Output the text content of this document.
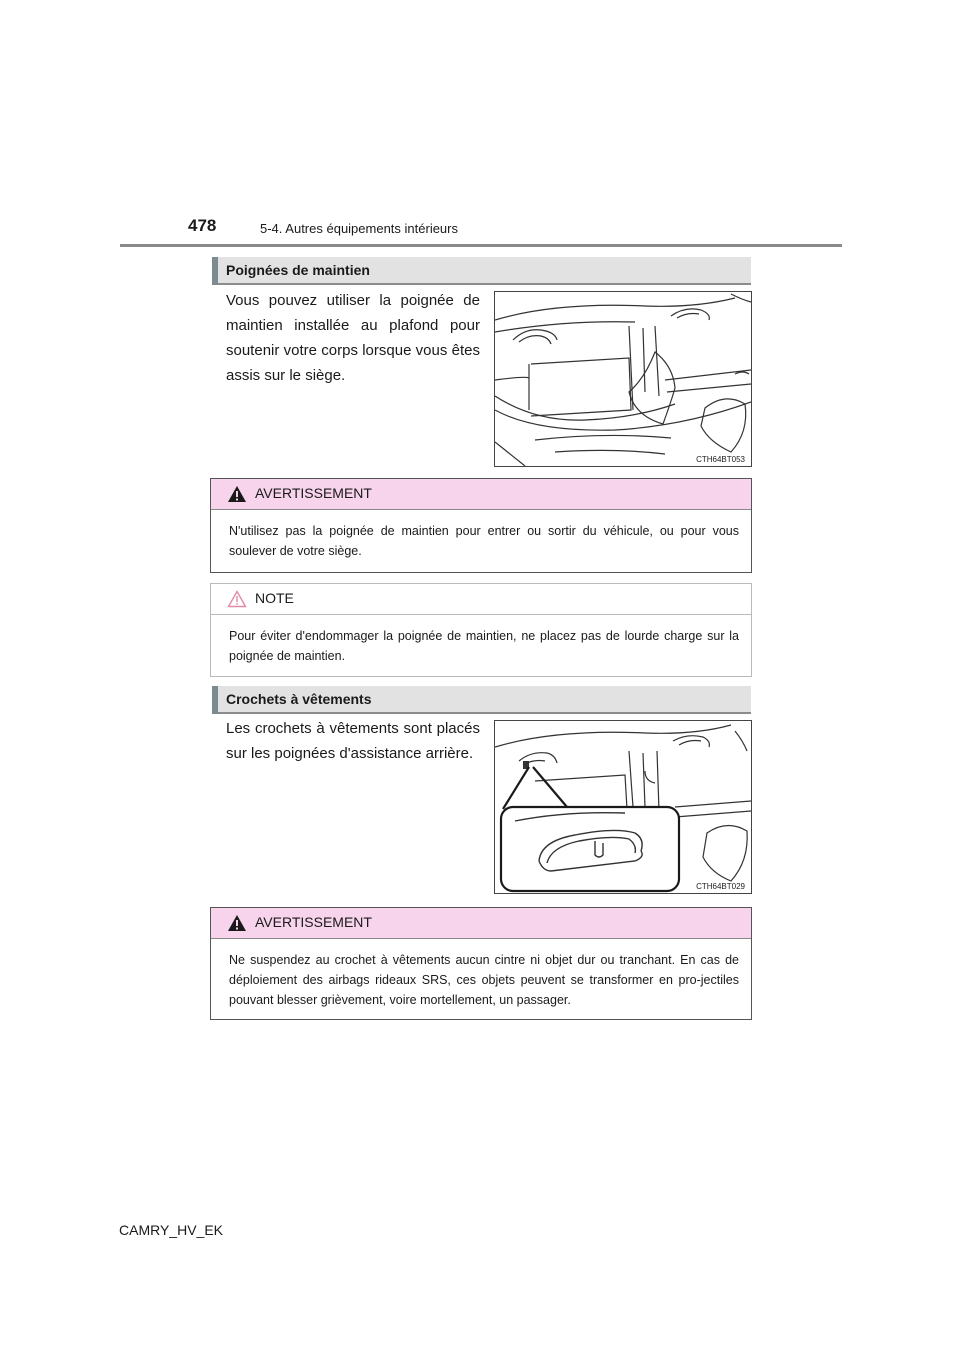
478	5-4. Autres équipements intérieurs
Poignées de maintien
Vous pouvez utiliser la poignée de maintien installée au plafond pour soutenir votre corps lorsque vous êtes assis sur le siège.
CTH64BT053
AVERTISSEMENT
N'utilisez pas la poignée de maintien pour entrer ou sortir du véhicule, ou pour vous soulever de votre siège.
NOTE
Pour éviter d'endommager la poignée de maintien, ne placez pas de lourde charge sur la poignée de maintien.
Crochets à vêtements
Les crochets à vêtements sont placés sur les poignées d'assistance arrière.
CTH64BT029
AVERTISSEMENT
Ne suspendez au crochet à vêtements aucun cintre ni objet dur ou tranchant. En cas de déploiement des airbags rideaux SRS, ces objets peuvent se transformer en pro-jectiles pouvant blesser grièvement, voire mortellement, un passager.
CAMRY_HV_EK
